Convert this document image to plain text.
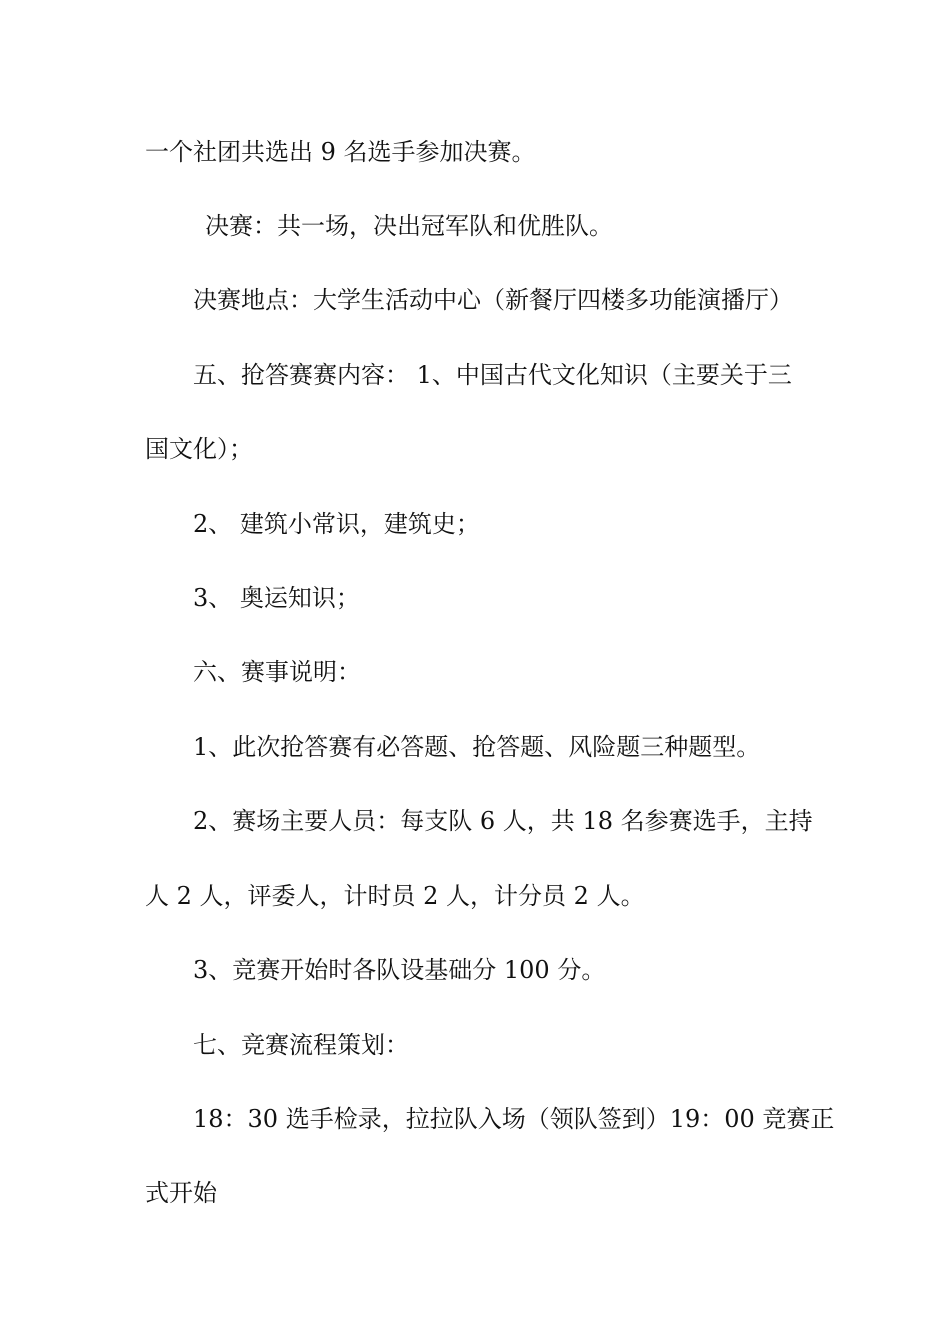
一个社团共选出 9 名选手参加决赛。
决赛：共一场，决出冠军队和优胜队。
决赛地点：大学生活动中心（新餐厅四楼多功能演播厅）
五、抢答赛赛内容： 1、中国古代文化知识（主要关于三
国文化）；
2、 建筑小常识，建筑史；
3、 奥运知识；
六、赛事说明：
1、此次抢答赛有必答题、抢答题、风险题三种题型。
2、赛场主要人员：每支队 6 人，共 18 名参赛选手，主持
人 2 人，评委人，计时员 2 人，计分员 2 人。
3、竞赛开始时各队设基础分 100 分。
七、竞赛流程策划：
18：30 选手检录，拉拉队入场（领队签到）19：00 竞赛正
式开始
